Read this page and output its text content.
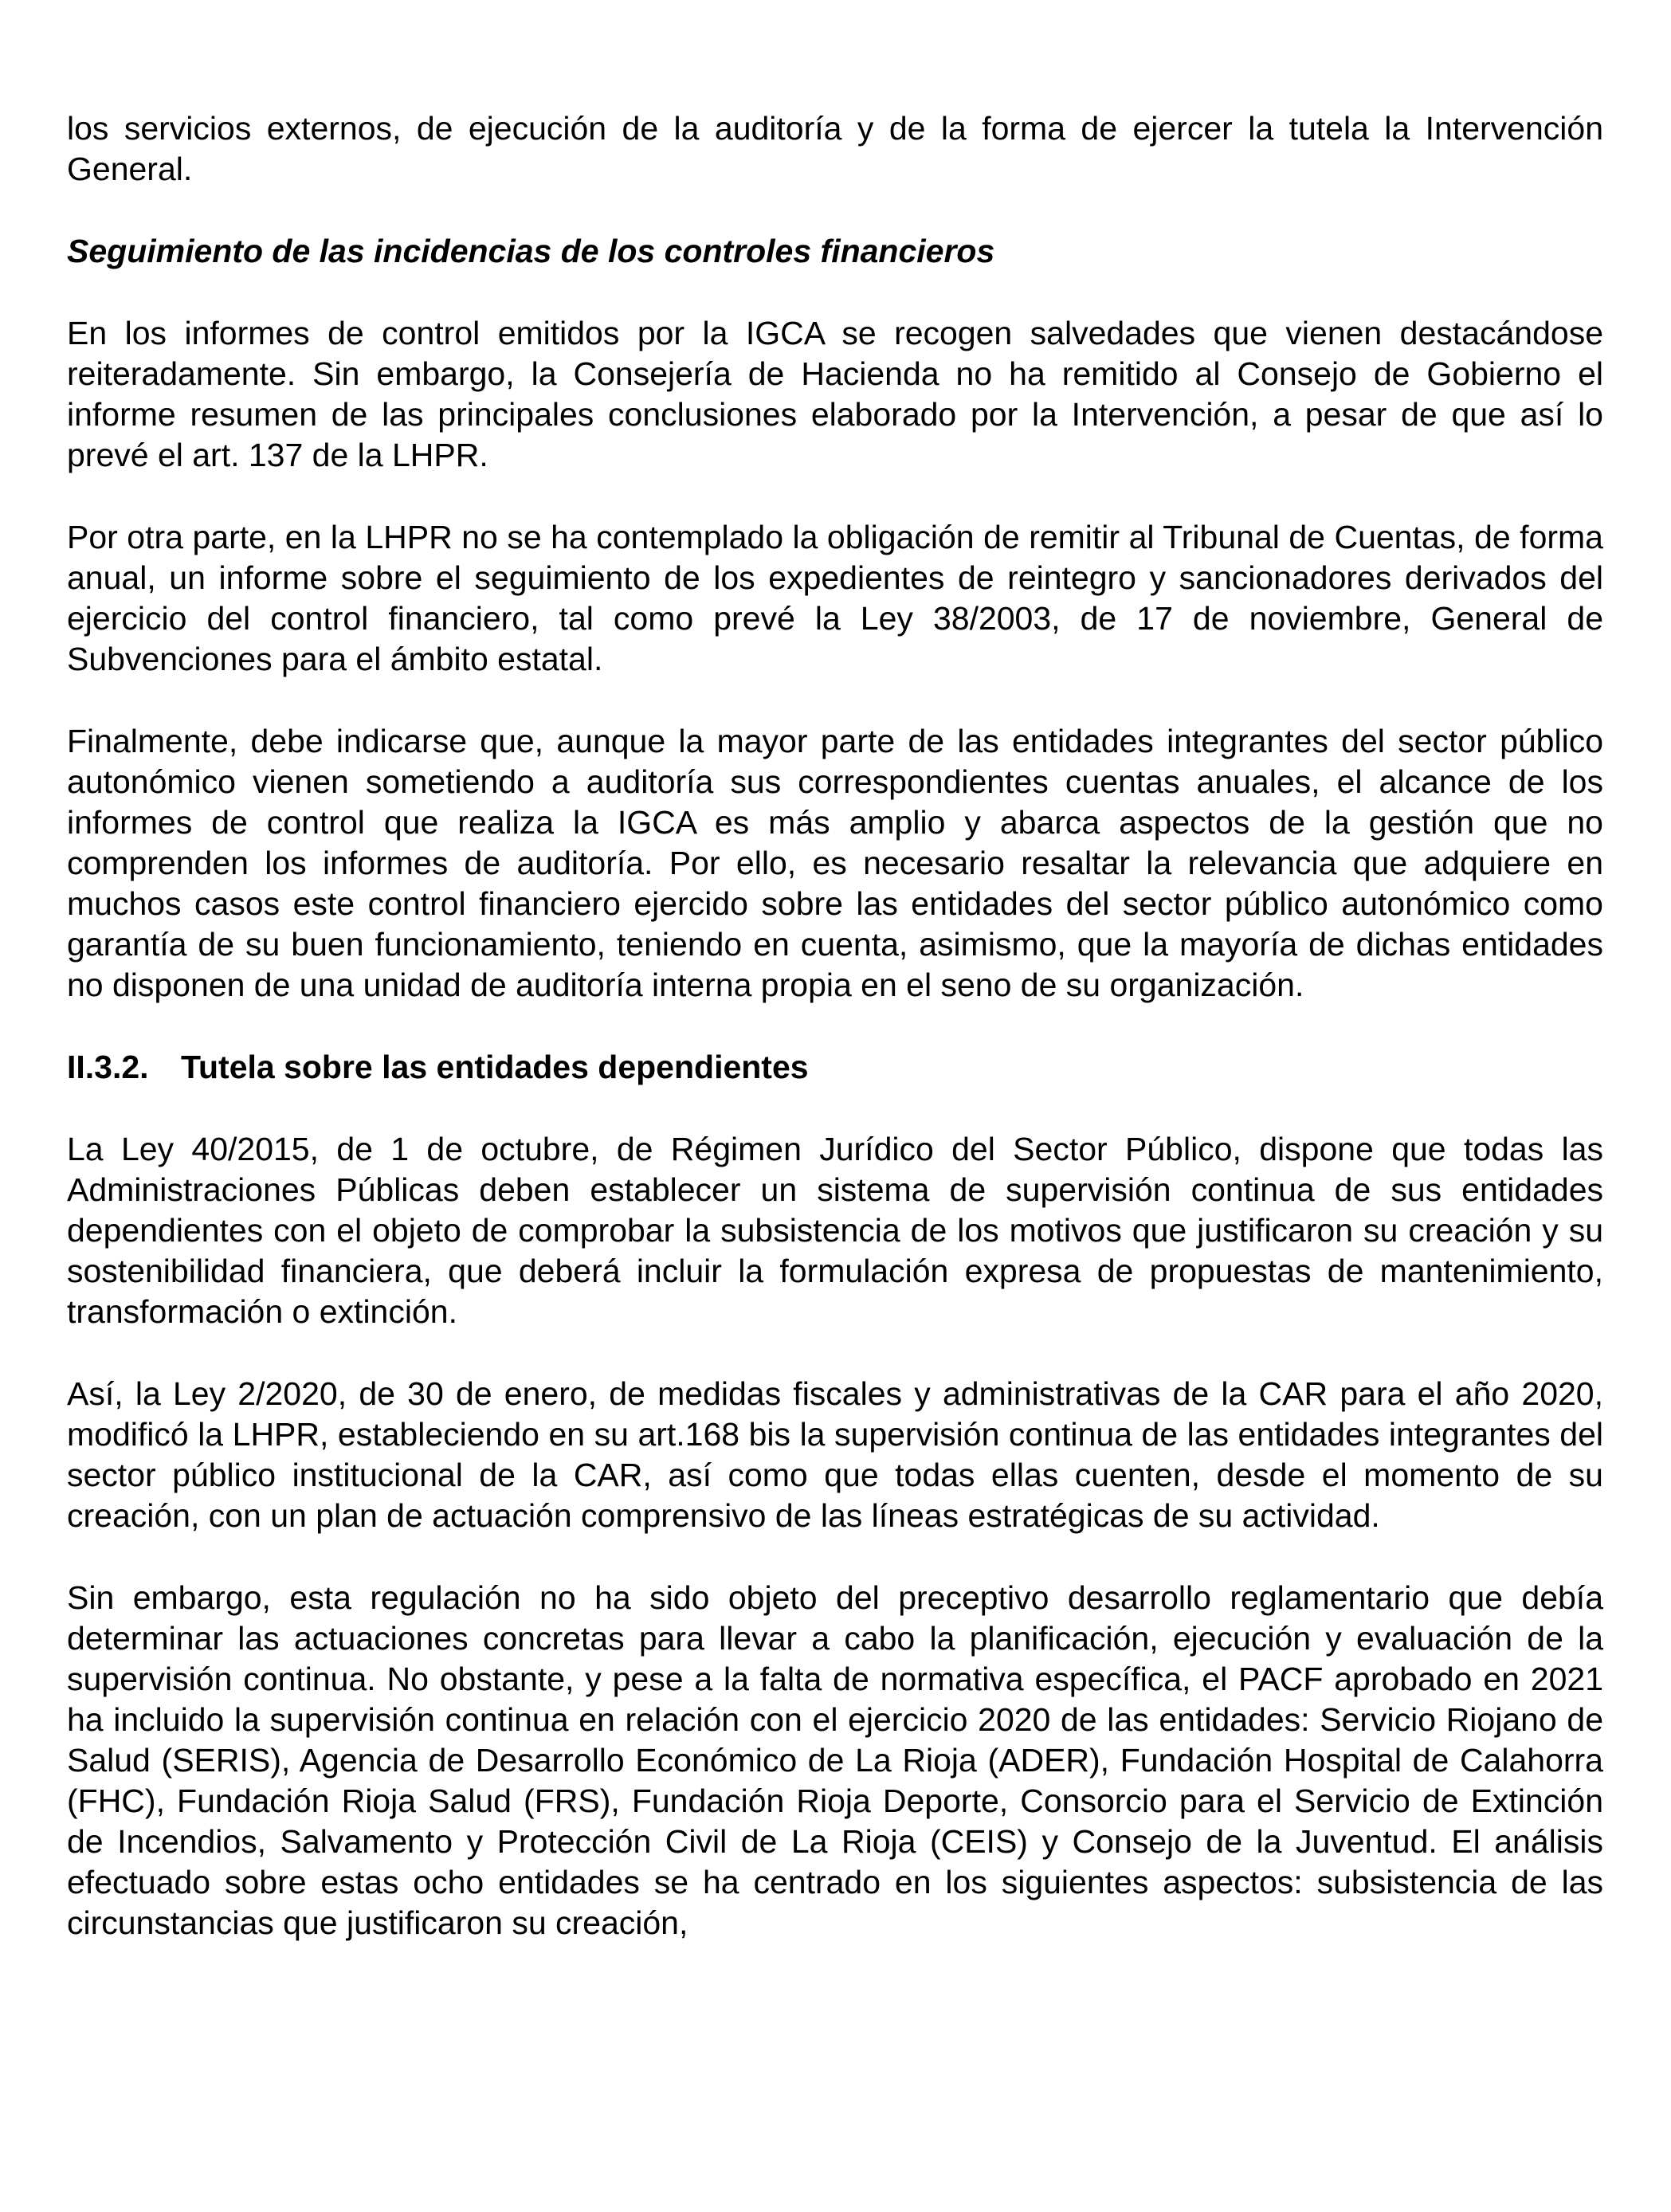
los servicios externos, de ejecución de la auditoría y de la forma de ejercer la tutela la Intervención General.

Seguimiento de las incidencias de los controles financieros

En los informes de control emitidos por la IGCA se recogen salvedades que vienen destacándose reiteradamente. Sin embargo, la Consejería de Hacienda no ha remitido al Consejo de Gobierno el informe resumen de las principales conclusiones elaborado por la Intervención, a pesar de que así lo prevé el art. 137 de la LHPR.

Por otra parte, en la LHPR no se ha contemplado la obligación de remitir al Tribunal de Cuentas, de forma anual, un informe sobre el seguimiento de los expedientes de reintegro y sancionadores derivados del ejercicio del control financiero, tal como prevé la Ley 38/2003, de 17 de noviembre, General de Subvenciones para el ámbito estatal.

Finalmente, debe indicarse que, aunque la mayor parte de las entidades integrantes del sector público autonómico vienen sometiendo a auditoría sus correspondientes cuentas anuales, el alcance de los informes de control que realiza la IGCA es más amplio y abarca aspectos de la gestión que no comprenden los informes de auditoría. Por ello, es necesario resaltar la relevancia que adquiere en muchos casos este control financiero ejercido sobre las entidades del sector público autonómico como garantía de su buen funcionamiento, teniendo en cuenta, asimismo, que la mayoría de dichas entidades no disponen de una unidad de auditoría interna propia en el seno de su organización.

II.3.2. Tutela sobre las entidades dependientes

La Ley 40/2015, de 1 de octubre, de Régimen Jurídico del Sector Público, dispone que todas las Administraciones Públicas deben establecer un sistema de supervisión continua de sus entidades dependientes con el objeto de comprobar la subsistencia de los motivos que justificaron su creación y su sostenibilidad financiera, que deberá incluir la formulación expresa de propuestas de mantenimiento, transformación o extinción.

Así, la Ley 2/2020, de 30 de enero, de medidas fiscales y administrativas de la CAR para el año 2020, modificó la LHPR, estableciendo en su art.168 bis la supervisión continua de las entidades integrantes del sector público institucional de la CAR, así como que todas ellas cuenten, desde el momento de su creación, con un plan de actuación comprensivo de las líneas estratégicas de su actividad.

Sin embargo, esta regulación no ha sido objeto del preceptivo desarrollo reglamentario que debía determinar las actuaciones concretas para llevar a cabo la planificación, ejecución y evaluación de la supervisión continua. No obstante, y pese a la falta de normativa específica, el PACF aprobado en 2021 ha incluido la supervisión continua en relación con el ejercicio 2020 de las entidades: Servicio Riojano de Salud (SERIS), Agencia de Desarrollo Económico de La Rioja (ADER), Fundación Hospital de Calahorra (FHC), Fundación Rioja Salud (FRS), Fundación Rioja Deporte, Consorcio para el Servicio de Extinción de Incendios, Salvamento y Protección Civil de La Rioja (CEIS) y Consejo de la Juventud. El análisis efectuado sobre estas ocho entidades se ha centrado en los siguientes aspectos: subsistencia de las circunstancias que justificaron su creación,
